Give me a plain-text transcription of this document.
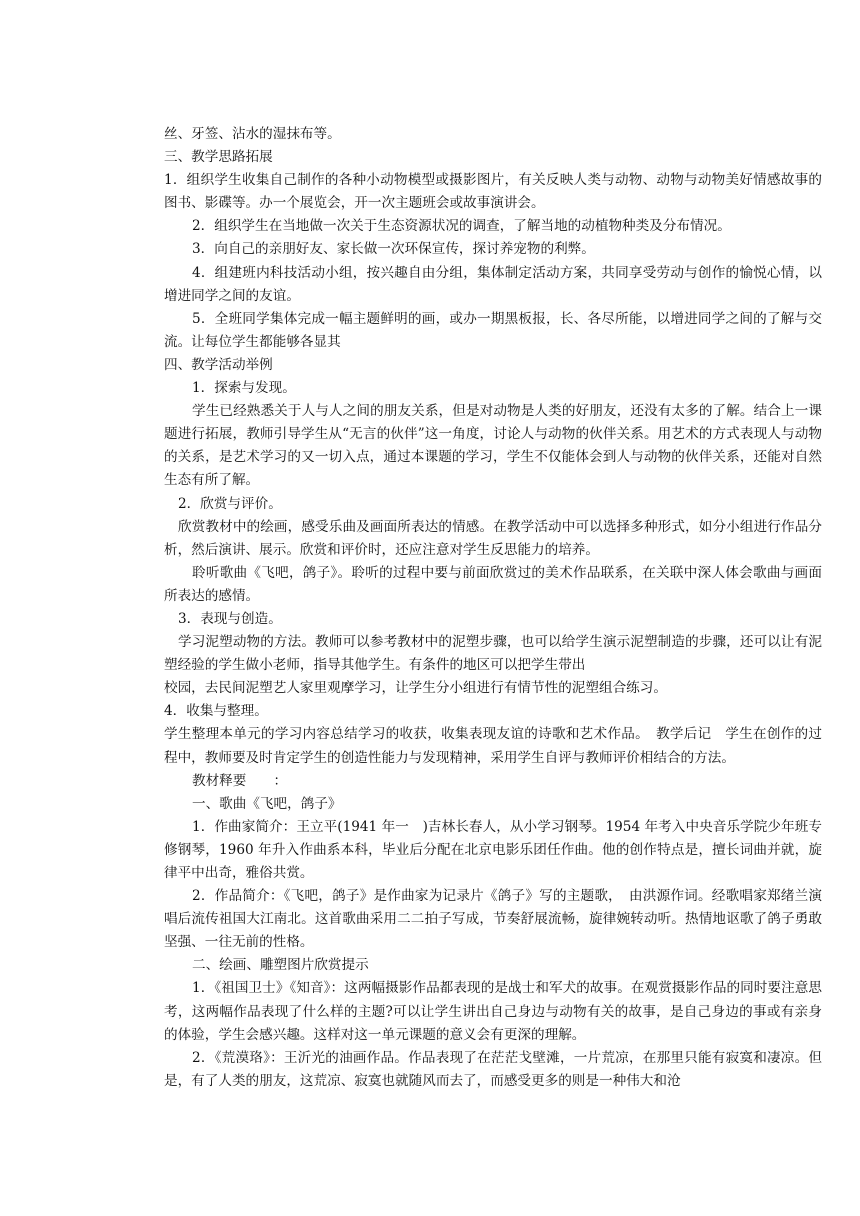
丝、牙签、沾水的湿抹布等。

三、教学思路拓展

1．组织学生收集自己制作的各种小动物模型或摄影图片，有关反映人类与动物、动物与动物美好情感故事的图书、影碟等。办一个展览会，开一次主题班会或故事演讲会。

2．组织学生在当地做一次关于生态资源状况的调查，了解当地的动植物种类及分布情况。

3．向自己的亲朋好友、家长做一次环保宣传，探讨养宠物的利弊。

4．组建班内科技活动小组，按兴趣自由分组，集体制定活动方案，共同享受劳动与创作的愉悦心情，以增进同学之间的友谊。

5．全班同学集体完成一幅主题鲜明的画，或办一期黑板报，长、各尽所能，以增进同学之间的了解与交流。让每位学生都能够各显其

四、教学活动举例

1．探索与发现。

学生已经熟悉关于人与人之间的朋友关系，但是对动物是人类的好朋友，还没有太多的了解。结合上一课题进行拓展，教师引导学生从“无言的伙伴”这一角度，讨论人与动物的伙伴关系。用艺术的方式表现人与动物的关系，是艺术学习的又一切入点，通过本课题的学习，学生不仅能体会到人与动物的伙伴关系，还能对自然生态有所了解。

2．欣赏与评价。

欣赏教材中的绘画，感受乐曲及画面所表达的情感。在教学活动中可以选择多种形式，如分小组进行作品分析，然后演讲、展示。欣赏和评价时，还应注意对学生反思能力的培养。

聆听歌曲《飞吧，鸽子》。聆听的过程中要与前面欣赏过的美术作品联系，在关联中深人体会歌曲与画面所表达的感情。

3．表现与创造。

学习泥塑动物的方法。教师可以参考教材中的泥塑步骤，也可以给学生演示泥塑制造的步骤，还可以让有泥塑经验的学生做小老师，指导其他学生。有条件的地区可以把学生带出

校园，去民间泥塑艺人家里观摩学习，让学生分小组进行有情节性的泥塑组合练习。

4．收集与整理。

学生整理本单元的学习内容总结学习的收获，收集表现友谊的诗歌和艺术作品。　教学后记　学生在创作的过程中，教师要及时肯定学生的创造性能力与发现精神，采用学生自评与教师评价相结合的方法。

教材释要　　：

一、歌曲《飞吧，鸽子》

1．作曲家简介：王立平(1941 年一　)吉林长春人，从小学习钢琴。1954 年考入中央音乐学院少年班专修钢琴，1960 年升入作曲系本科，毕业后分配在北京电影乐团任作曲。他的创作特点是，擅长词曲并就，旋律平中出奇，雅俗共赏。

2．作品简介：《飞吧，鸽子》是作曲家为记录片《鸽子》写的主题歌，　由洪源作词。经歌唱家郑绪兰演唱后流传祖国大江南北。这首歌曲采用二二拍子写成，节奏舒展流畅，旋律婉转动听。热情地讴歌了鸽子勇敢坚强、一往无前的性格。

二、绘画、雕塑图片欣赏提示

1．《祖国卫士》《知音》：这两幅摄影作品都表现的是战士和军犬的故事。在观赏摄影作品的同时要注意思考，这两幅作品表现了什么样的主题?可以让学生讲出自己身边与动物有关的故事，是自己身边的事或有亲身的体验，学生会感兴趣。这样对这一单元课题的意义会有更深的理解。

2．《荒漠珞》：王沂光的油画作品。作品表现了在茫茫戈壁滩，一片荒凉，在那里只能有寂寞和凄凉。但是，有了人类的朋友，这荒凉、寂寞也就随风而去了，而感受更多的则是一种伟大和沧
